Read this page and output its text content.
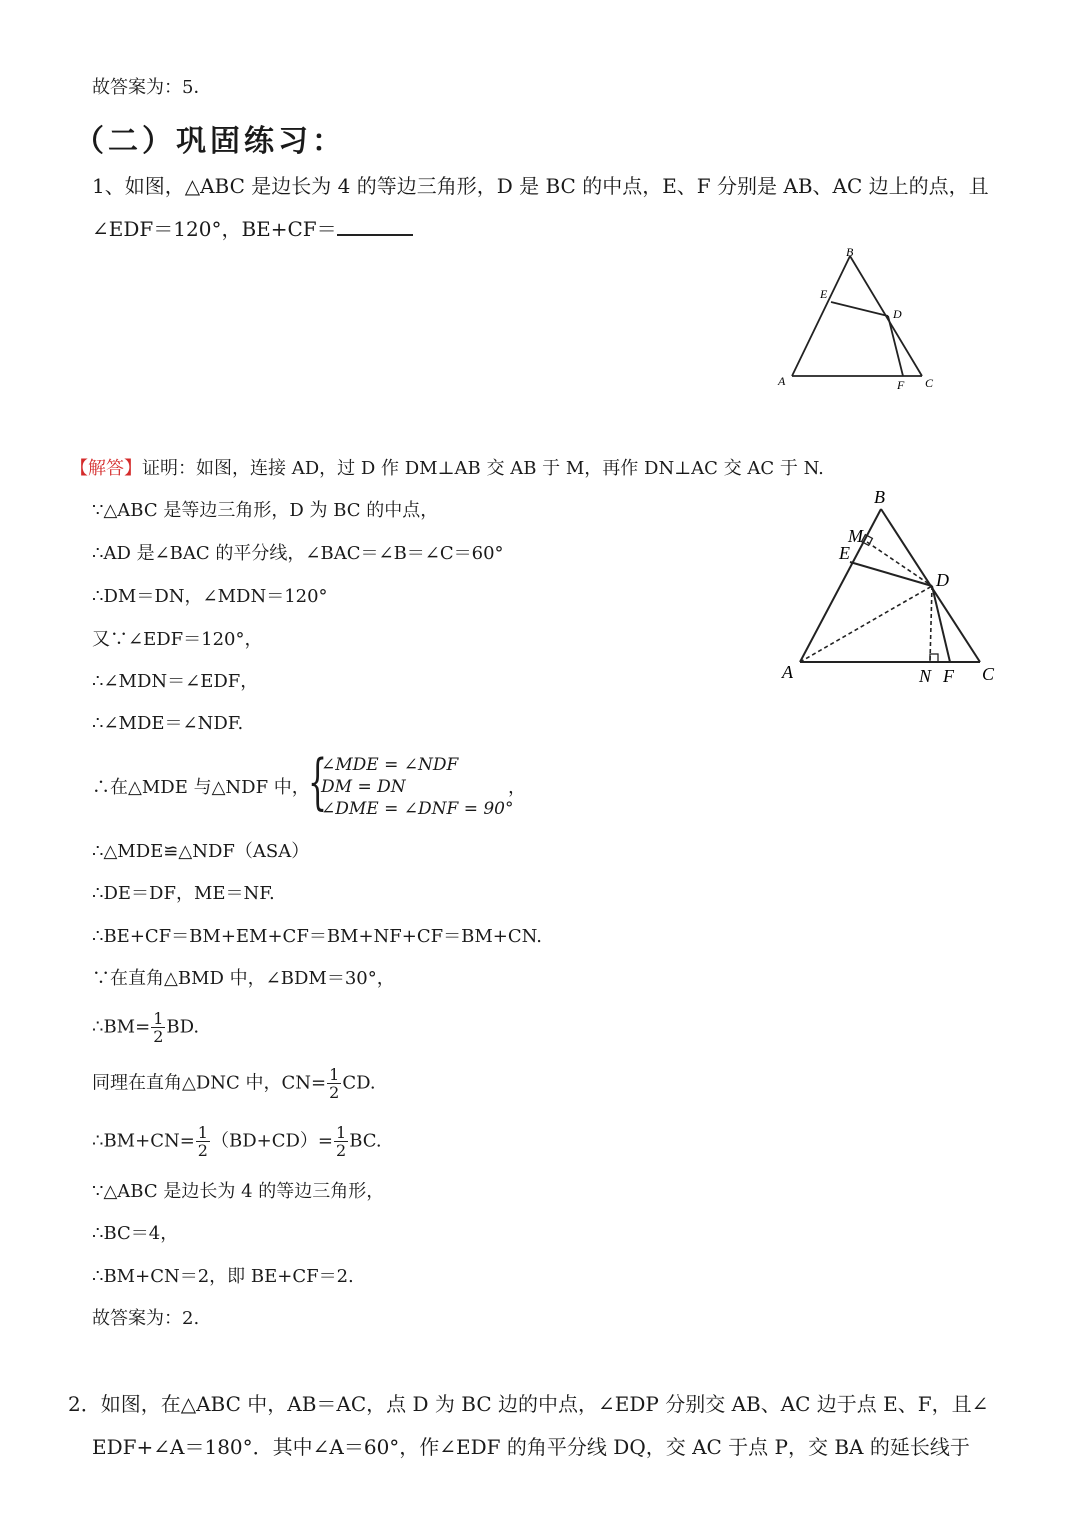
故答案为：5．
（二）巩固练习：
1、如图，△ABC 是边长为 4 的等边三角形，D 是 BC 的中点，E、F 分别是 AB、AC 边上的点，且
∠EDF＝120°，BE+CF＝
B
E
D
A	F C
【解答】证明：如图，连接 AD，过 D 作 DM⊥AB 交 AB 于 M，再作 DN⊥AC 交 AC 于 N.
∵△ABC 是等边三角形，D 为 BC 的中点，
∴AD 是∠BAC 的平分线，∠BAC＝∠B＝∠C＝60°
∴DM＝DN，∠MDN＝120°
又∵∠EDF＝120°，
∴∠MDN＝∠EDF，
∴∠MDE＝∠NDF.
∴在△MDE 与△NDF 中，
{
∠MDE = ∠NDF
DM = DN
∠DME = ∠DNF = 90°
，
∴△MDE≌△NDF（ASA）
∴DE＝DF，ME＝NF.
∴BE+CF＝BM+EM+CF＝BM+NF+CF＝BM+CN.
∵在直角△BMD 中，∠BDM＝30°，
∴BM= $\frac{1}{2}$ BD.
同理在直角△DNC 中，$CN= \frac{1}{2}$ CD.
∴BM+CN= $\frac{1}{2} (BD+CD)= \frac{1}{2}$ BC.
∵△ABC 是边长为 4 的等边三角形，
∴BC＝4，
∴BM+CN＝2，即 BE+CF＝2.
故答案为：2.
B
M
E
D
A	N F C
2．如图，在△ABC 中，AB＝AC，点 D 为 BC 边的中点，∠EDP 分别交 AB、AC 边于点 E、F，且∠
EDF+∠A＝180°．其中∠A＝60°，作∠EDF 的角平分线 DQ，交 AC 于点 P，交 BA 的延长线于
